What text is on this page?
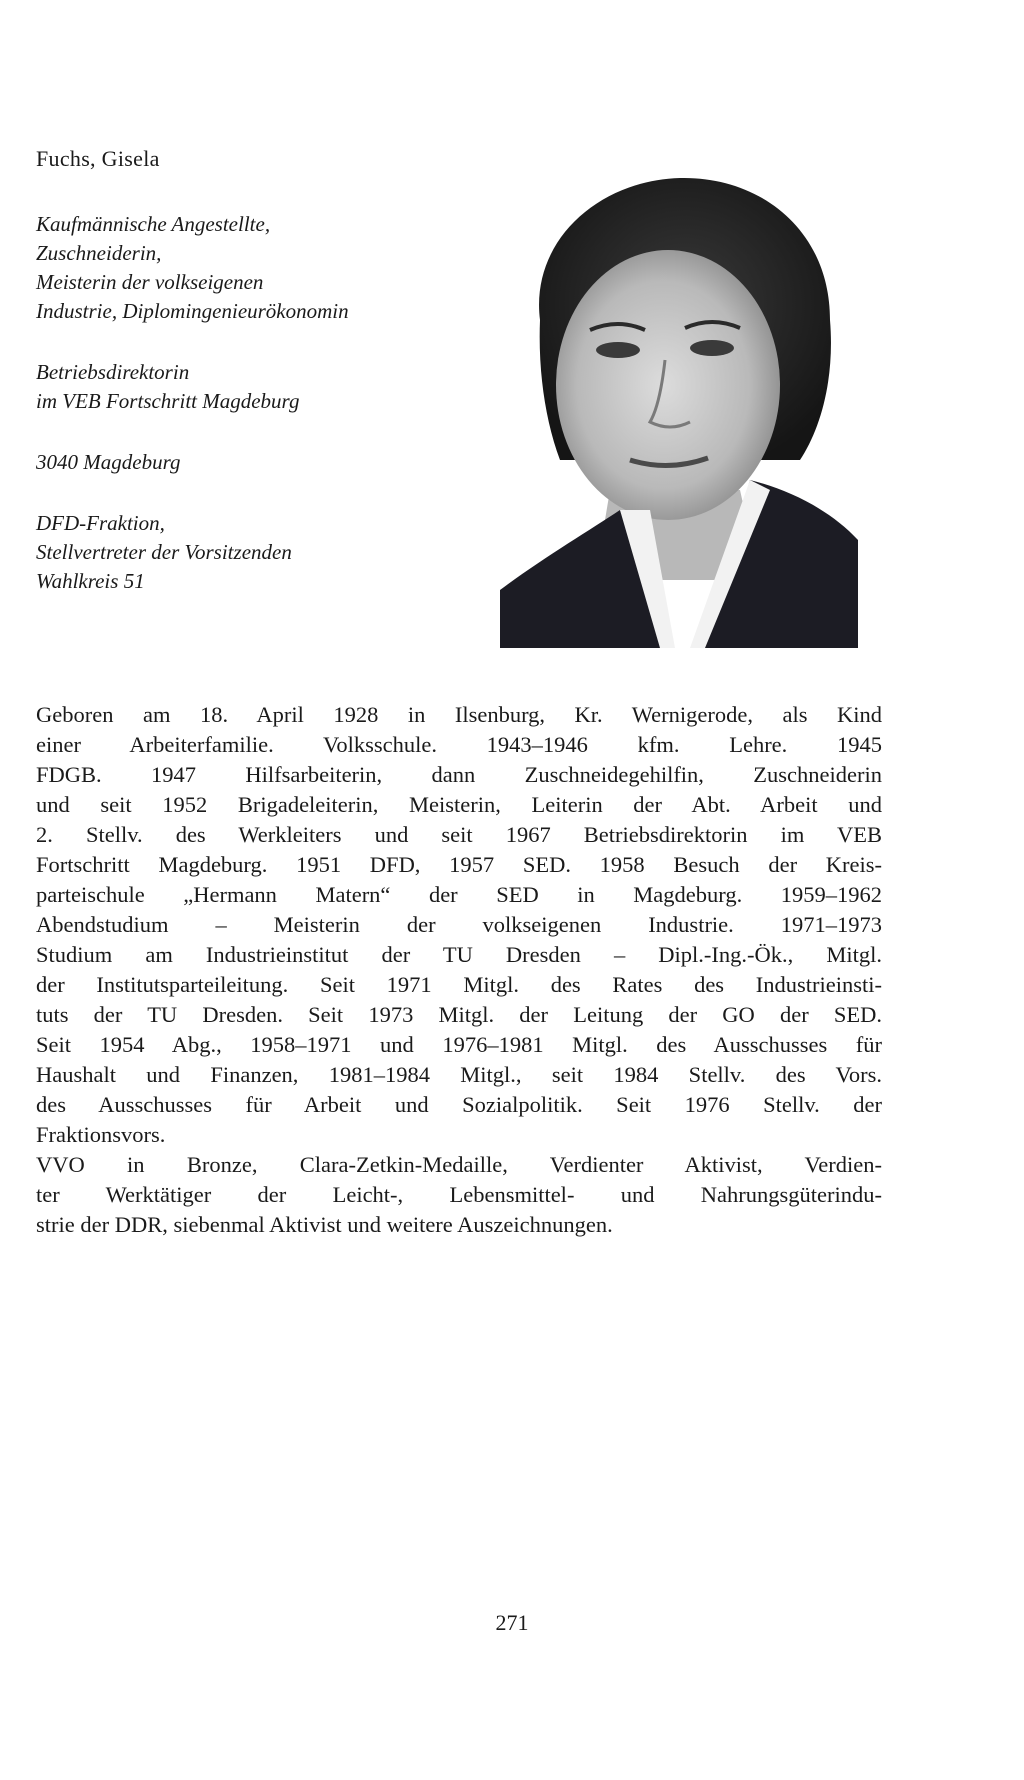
Fuchs, Gisela
Kaufmännische Angestellte,
Zuschneiderin,
Meisterin der volkseigenen
Industrie, Diplomingenieurökonomin
Betriebsdirektorin
im VEB Fortschritt Magdeburg
3040 Magdeburg
DFD-Fraktion,
Stellvertreter der Vorsitzenden
Wahlkreis 51

Geboren am 18. April 1928 in Ilsenburg, Kr. Wernigerode, als Kind
einer Arbeiterfamilie. Volksschule. 1943–1946 kfm. Lehre. 1945
FDGB. 1947 Hilfsarbeiterin, dann Zuschneidegehilfin, Zuschneiderin
und seit 1952 Brigadeleiterin, Meisterin, Leiterin der Abt. Arbeit und
2. Stellv. des Werkleiters und seit 1967 Betriebsdirektorin im VEB
Fortschritt Magdeburg. 1951 DFD, 1957 SED. 1958 Besuch der Kreis-
parteischule „Hermann Matern“ der SED in Magdeburg. 1959–1962
Abendstudium – Meisterin der volkseigenen Industrie. 1971–1973
Studium am Industrieinstitut der TU Dresden – Dipl.-Ing.-Ök., Mitgl.
der Institutsparteileitung. Seit 1971 Mitgl. des Rates des Industrieinsti-
tuts der TU Dresden. Seit 1973 Mitgl. der Leitung der GO der SED.
Seit 1954 Abg., 1958–1971 und 1976–1981 Mitgl. des Ausschusses für
Haushalt und Finanzen, 1981–1984 Mitgl., seit 1984 Stellv. des Vors.
des Ausschusses für Arbeit und Sozialpolitik. Seit 1976 Stellv. der
Fraktionsvors.

VVO in Bronze, Clara-Zetkin-Medaille, Verdienter Aktivist, Verdien-
ter Werktätiger der Leicht-, Lebensmittel- und Nahrungsgüterindu-
strie der DDR, siebenmal Aktivist und weitere Auszeichnungen.

271
